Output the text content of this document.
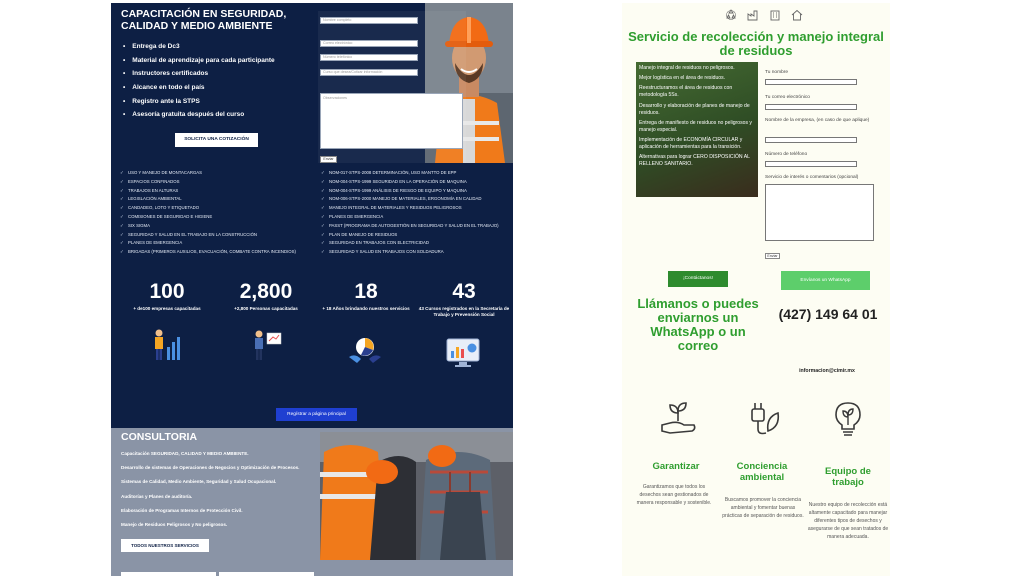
CAPACITACIÓN EN SEGURIDAD, CALIDAD Y MEDIO AMBIENTE
• Entrega de Dc3
• Material de aprendizaje para cada participante
• Instructores certificados
• Alcance en todo el país
• Registro ante la STPS
• Asesoría gratuita después del curso
SOLICITA UNA COTIZACIÓN
Nombre completo
Correo electrónico
Número telefónico
Curso que desea/Cotizar información
Observaciones
Enviar
✓ USO Y MANEJO DE MONTACARGAS
✓ ESPACIOS CONFINADOS
✓ TRABAJOS EN ALTURAS
✓ LEGISLACIÓN AMBIENTAL
✓ CANDADEO, LOTO Y ETIQUETADO
✓ COMISIONES DE SEGURIDAD E HIGIENE
✓ SIX SIGMA
✓ SEGURIDAD Y SALUD EN EL TRABAJO EN LA CONSTRUCCIÓN
✓ PLANES DE EMERGENCIA
✓ BRIGADAS (PRIMEROS AUXILIOS, EVACUACIÓN, COMBATE CONTRA INCENDIOS)
✓ NOM-017-STPS-2008 DETERMINACIÓN, USO MANTTO DE EPP
✓ NOM-004-STPS-1999 SEGURIDAD EN LA OPERACIÓN DE MAQUINA
✓ NOM-004-STPS-1999 ANÁLISIS DE RIESGO DE EQUIPO Y MAQUINA
✓ NOM-006-STPS-2000 MANEJO DE MATERIALES, ERGONOMÍA EN CALIDAD
✓ MANEJO INTEGRAL DE MATERIALES Y RESIDUOS PELIGROSOS
✓ PLANES DE EMERGENCIA
✓ PASST (PROGRAMA DE AUTOGESTIÓN EN SEGURIDAD Y SALUD EN EL TRABAJO)
✓ PLAN DE MANEJO DE RESIDUOS
✓ SEGURIDAD EN TRABAJOS CON ELECTRICIDAD
✓ SEGURIDAD Y SALUD EN TRABAJOS CON SOLDADURA
100
+ de100 empresas capacitadas
2,800
+2,800 Personas capacitadas
18
+ 18 Años brindando nuestros servicios
43
43 Cursos registrados en la Secretaría de Trabajo y Prevensión Social
Regístrar a página principal
CONSULTORIA
Capacitación SEGURIDAD, CALIDAD Y MEDIO AMBIENTE.
Desarrollo de sistemas de Operaciones de Negocios y Optimización de Procesos.
Sistemas de Calidad, Medio Ambiente, Seguridad y Salud Ocupacional.
Auditorías y Planes de auditoría.
Elaboración de Programas Internos de Protección Civil.
Manejo de Residuos Peligrosos y No peligrosos.
TODOS NUESTROS SERVICIOS
Servicio de recolección y manejo integral de residuos
Manejo integral de residuos no peligrosos.
Mejor logística en el área de residuos.
Reestructuramos el área de residuos con metodología 5Ss.
Desarrollo y elaboración de planes de manejo de residuos.
Entrega de manifiesto de residuos no peligrosos y manejo especial.
Implementación de ECONOMÍA CIRCULAR y aplicación de herramientas para la transición.
Alternativas para lograr CERO DISPOSICIÓN AL RELLENO SANITARIO.
Tu nombre
Tu correo electrónico
Nombre de la empresa, (en caso de que aplique)
Número de teléfono
Servicio de interés o comentarios (opcional)
Enviar
¡Contáctanos!	Envíanos un WhatsApp
Llámanos o puedes enviarnos un WhatsApp o un correo
(427) 149 64 01
informacion@cimir.mx
Garantizar
Garantizamos que todos los desechos sean gestionados de manera responsable y sostenible.
Conciencia ambiental
Buscamos promover la conciencia ambiental y fomentar buenas prácticas de separación de residuos.
Equipo de trabajo
Nuestro equipo de recolección está altamente capacitado para manejar diferentes tipos de desechos y asegurarse de que sean tratados de manera adecuada.
